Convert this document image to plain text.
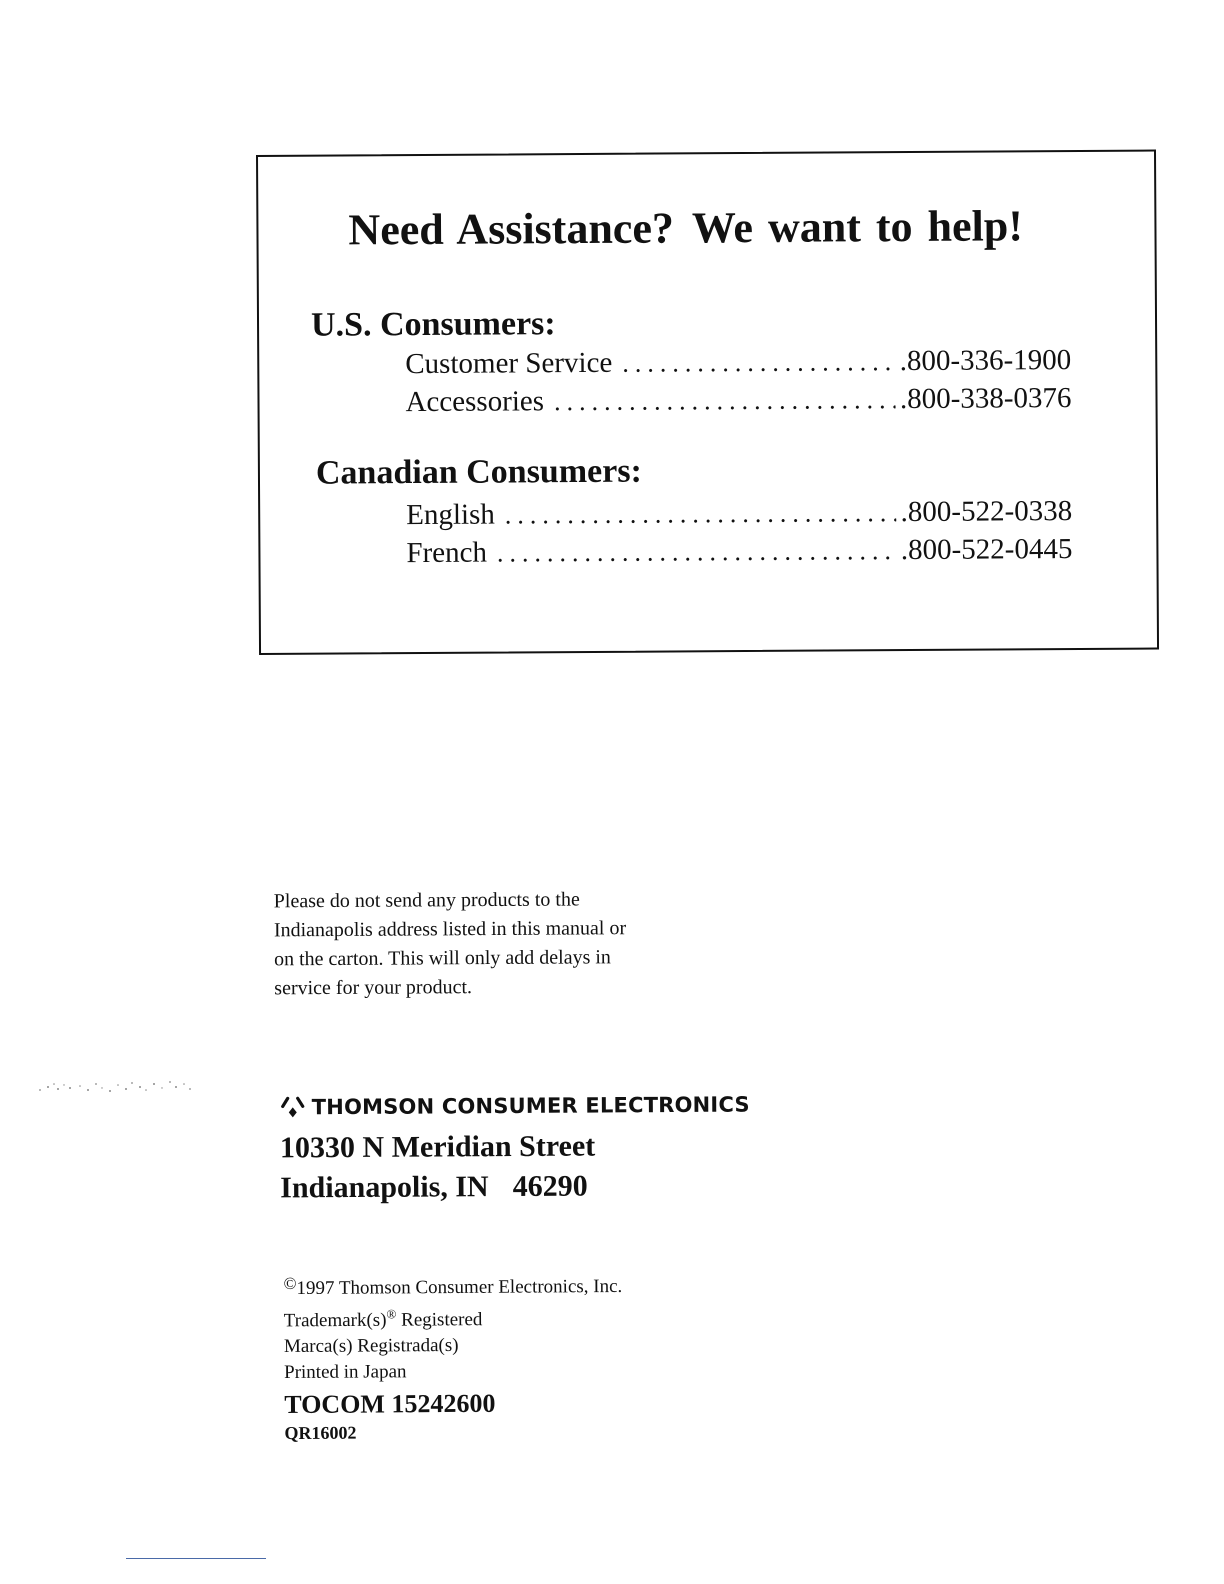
Need Assistance? We want to help!
U.S. Consumers:
Customer Service .....	.800-336-1900
Accessories .....	.800-338-0376
Canadian Consumers:
English .....	.800-522-0338
French .....	.800-522-0445
Please do not send any products to the
Indianapolis address listed in this manual or
on the carton. This will only add delays in
service for your product.
THOMSON CONSUMER ELECTRONICS
10330 N Meridian Street
Indianapolis, IN 46290
©1997 Thomson Consumer Electronics, Inc.
Trademark(s)® Registered
Marca(s) Registrada(s)
Printed in Japan
TOCOM 15242600
QR16002
